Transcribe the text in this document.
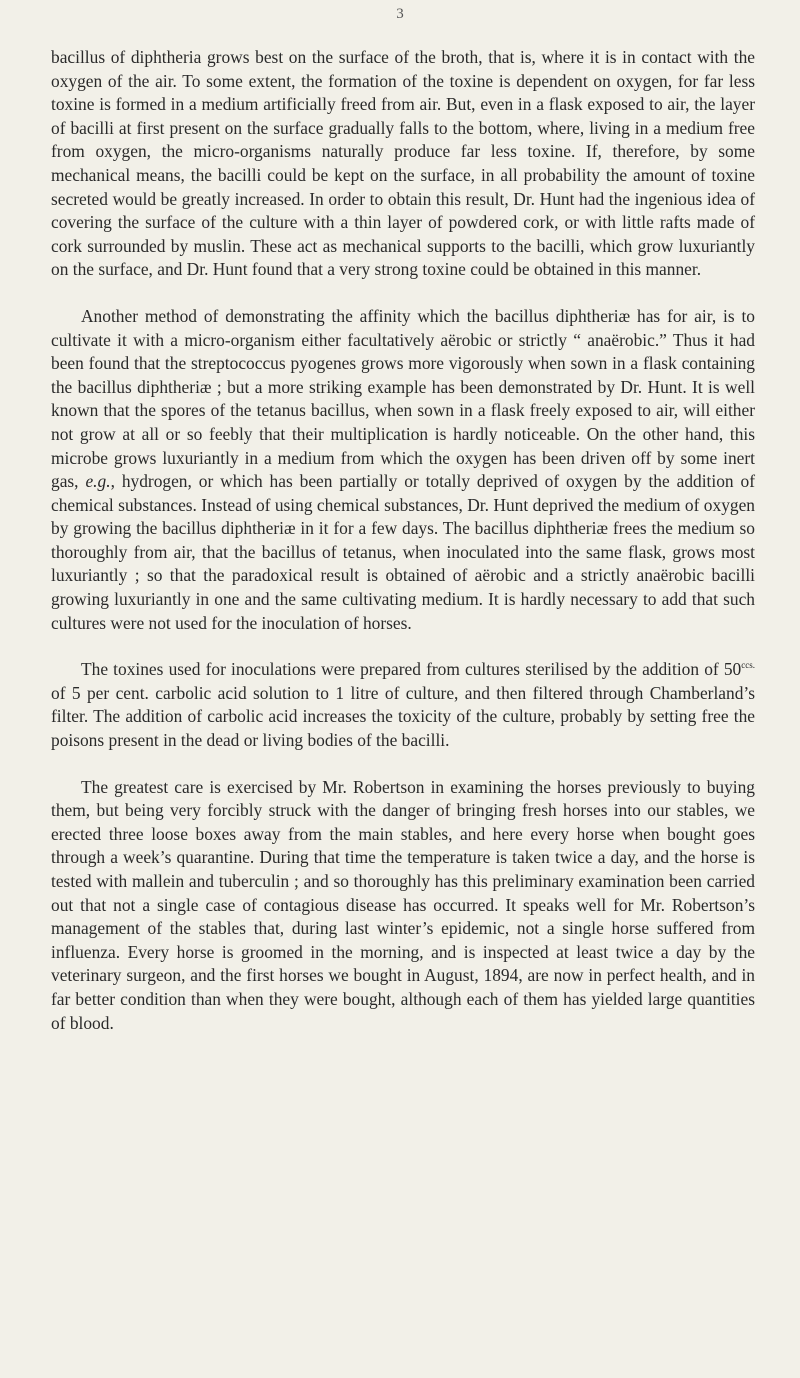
3

bacillus of diphtheria grows best on the surface of the broth, that is, where it is in contact with the oxygen of the air. To some extent, the formation of the toxine is dependent on oxygen, for far less toxine is formed in a medium artificially freed from air. But, even in a flask exposed to air, the layer of bacilli at first present on the surface gradually falls to the bottom, where, living in a medium free from oxygen, the micro-organisms naturally produce far less toxine. If, therefore, by some mechanical means, the bacilli could be kept on the surface, in all probability the amount of toxine secreted would be greatly increased. In order to obtain this result, Dr. Hunt had the ingenious idea of covering the surface of the culture with a thin layer of powdered cork, or with little rafts made of cork surrounded by muslin. These act as mechanical supports to the bacilli, which grow luxuriantly on the surface, and Dr. Hunt found that a very strong toxine could be obtained in this manner.

Another method of demonstrating the affinity which the bacillus diphtheriæ has for air, is to cultivate it with a micro-organism either facultatively aërobic or strictly “ anaërobic.” Thus it had been found that the streptococcus pyogenes grows more vigorously when sown in a flask containing the bacillus diphtheriæ ; but a more striking example has been demonstrated by Dr. Hunt. It is well known that the spores of the tetanus bacillus, when sown in a flask freely exposed to air, will either not grow at all or so feebly that their multiplication is hardly noticeable. On the other hand, this microbe grows luxuriantly in a medium from which the oxygen has been driven off by some inert gas, e.g., hydrogen, or which has been partially or totally deprived of oxygen by the addition of chemical substances. Instead of using chemical substances, Dr. Hunt deprived the medium of oxygen by growing the bacillus diphtheriæ in it for a few days. The bacillus diphtheriæ frees the medium so thoroughly from air, that the bacillus of tetanus, when inoculated into the same flask, grows most luxuriantly ; so that the paradoxical result is obtained of aërobic and a strictly anaërobic bacilli growing luxuriantly in one and the same cultivating medium. It is hardly necessary to add that such cultures were not used for the inoculation of horses.

The toxines used for inoculations were prepared from cultures sterilised by the addition of $50^{ccs.}$ of 5 per cent. carbolic acid solution to 1 litre of culture, and then filtered through Chamberland’s filter. The addition of carbolic acid increases the toxicity of the culture, probably by setting free the poisons present in the dead or living bodies of the bacilli.

The greatest care is exercised by Mr. Robertson in examining the horses previously to buying them, but being very forcibly struck with the danger of bringing fresh horses into our stables, we erected three loose boxes away from the main stables, and here every horse when bought goes through a week’s quarantine. During that time the temperature is taken twice a day, and the horse is tested with mallein and tuberculin ; and so thoroughly has this preliminary examination been carried out that not a single case of contagious disease has occurred. It speaks well for Mr. Robertson’s management of the stables that, during last winter’s epidemic, not a single horse suffered from influenza. Every horse is groomed in the morning, and is inspected at least twice a day by the veterinary surgeon, and the first horses we bought in August, 1894, are now in perfect health, and in far better condition than when they were bought, although each of them has yielded large quantities of blood.
